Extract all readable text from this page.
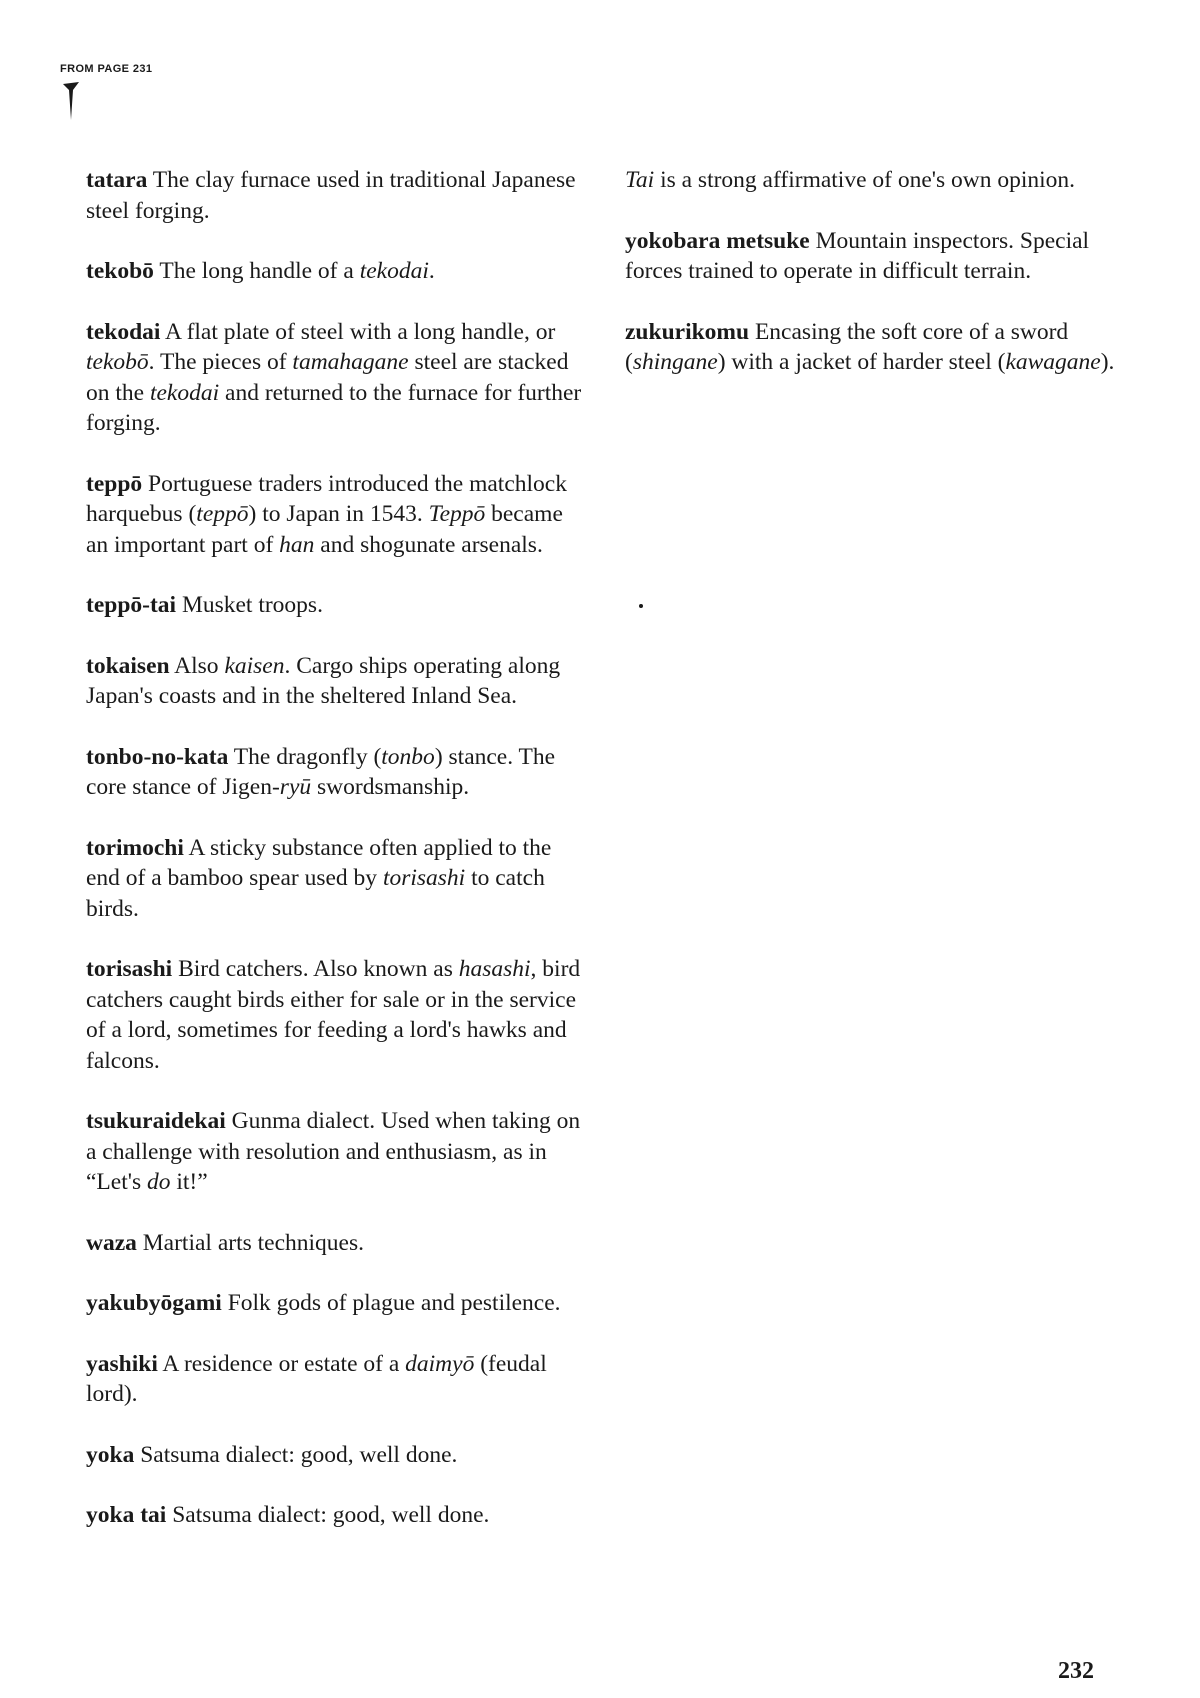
FROM PAGE 231
tatara The clay furnace used in traditional Japanese steel forging.
tekobō The long handle of a tekodai.
tekodai A flat plate of steel with a long handle, or tekobō. The pieces of tamahagane steel are stacked on the tekodai and returned to the furnace for further forging.
teppō Portuguese traders introduced the matchlock harquebus (teppō) to Japan in 1543. Teppō became an important part of han and shogunate arsenals.
teppō-tai Musket troops.
tokaisen Also kaisen. Cargo ships operating along Japan's coasts and in the sheltered Inland Sea.
tonbo-no-kata The dragonfly (tonbo) stance. The core stance of Jigen-ryū swordsmanship.
torimochi A sticky substance often applied to the end of a bamboo spear used by torisashi to catch birds.
torisashi Bird catchers. Also known as hasashi, bird catchers caught birds either for sale or in the service of a lord, sometimes for feeding a lord's hawks and falcons.
tsukuraidekai Gunma dialect. Used when taking on a challenge with resolution and enthusiasm, as in “Let's do it!”
waza Martial arts techniques.
yakubyōgami Folk gods of plague and pestilence.
yashiki A residence or estate of a daimyō (feudal lord).
yoka Satsuma dialect: good, well done.
yoka tai Satsuma dialect: good, well done.
Tai is a strong affirmative of one's own opinion.
yokobara metsuke Mountain inspectors. Special forces trained to operate in difficult terrain.
zukurikomu Encasing the soft core of a sword (shingane) with a jacket of harder steel (kawagane).
232
